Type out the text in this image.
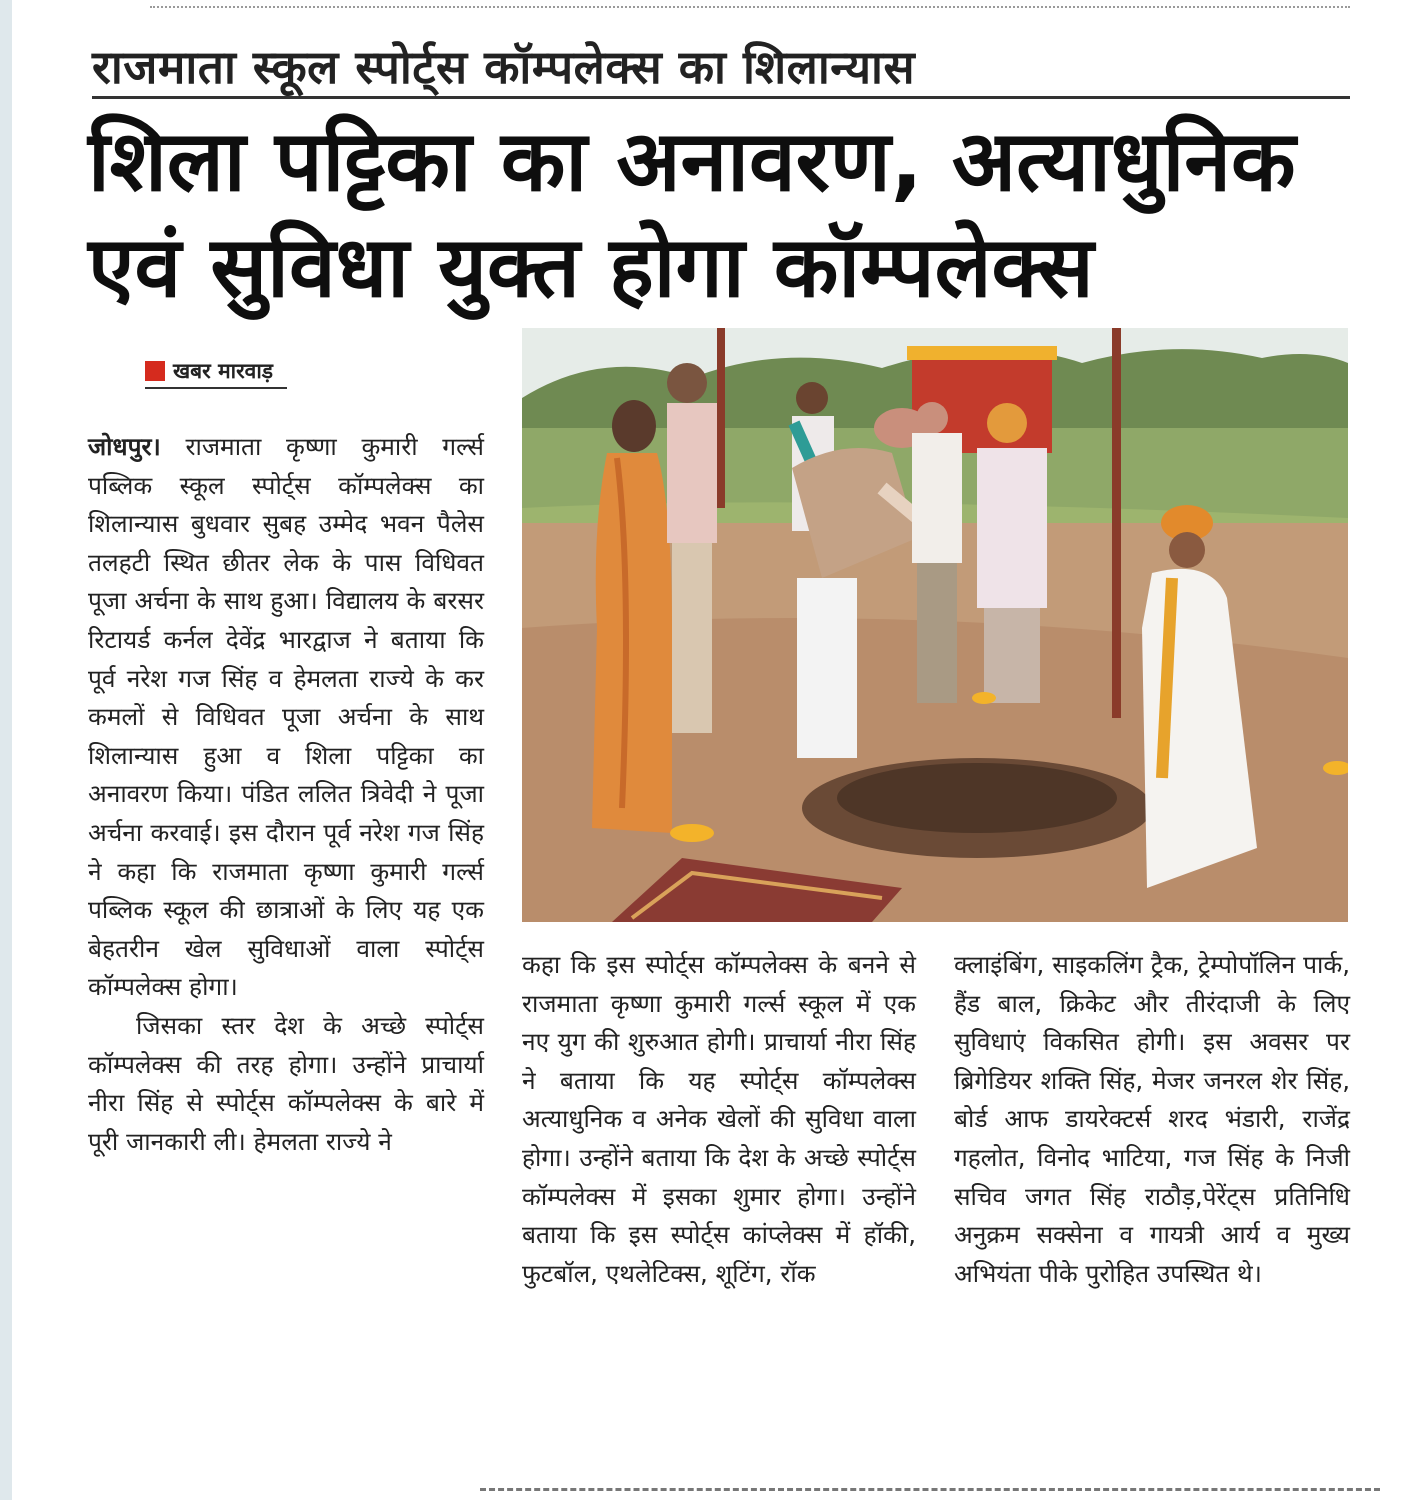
राजमाता स्कूल स्पोर्ट्स कॉम्पलेक्स का शिलान्यास
शिला पट्टिका का अनावरण, अत्याधुनिक एवं सुविधा युक्त होगा कॉम्पलेक्स
खबर मारवाड़

जोधपुर। राजमाता कृष्णा कुमारी गर्ल्स पब्लिक स्कूल स्पोर्ट्स कॉम्पलेक्स का शिलान्यास बुधवार सुबह उम्मेद भवन पैलेस तलहटी स्थित छीतर लेक के पास विधिवत पूजा अर्चना के साथ हुआ। विद्यालय के बरसर रिटायर्ड कर्नल देवेंद्र भारद्वाज ने बताया कि पूर्व नरेश गज सिंह व हेमलता राज्ये के कर कमलों से विधिवत पूजा अर्चना के साथ शिलान्यास हुआ व शिला पट्टिका का अनावरण किया। पंडित ललित त्रिवेदी ने पूजा अर्चना करवाई। इस दौरान पूर्व नरेश गज सिंह ने कहा कि राजमाता कृष्णा कुमारी गर्ल्स पब्लिक स्कूल की छात्राओं के लिए यह एक बेहतरीन खेल सुविधाओं वाला स्पोर्ट्स कॉम्पलेक्स होगा।

जिसका स्तर देश के अच्छे स्पोर्ट्स कॉम्पलेक्स की तरह होगा। उन्होंने प्राचार्या नीरा सिंह से स्पोर्ट्स कॉम्पलेक्स के बारे में पूरी जानकारी ली। हेमलता राज्ये ने

कहा कि इस स्पोर्ट्स कॉम्पलेक्स के बनने से राजमाता कृष्णा कुमारी गर्ल्स स्कूल में एक नए युग की शुरुआत होगी। प्राचार्या नीरा सिंह ने बताया कि यह स्पोर्ट्स कॉम्पलेक्स अत्याधुनिक व अनेक खेलों की सुविधा वाला होगा। उन्होंने बताया कि देश के अच्छे स्पोर्ट्स कॉम्पलेक्स में इसका शुमार होगा। उन्होंने बताया कि इस स्पोर्ट्स कांप्लेक्स में हॉकी, फुटबॉल, एथलेटिक्स, शूटिंग, रॉक

क्लाइंबिंग, साइकलिंग ट्रैक, ट्रेम्पोपॉलिन पार्क, हैंड बाल, क्रिकेट और तीरंदाजी के लिए सुविधाएं विकसित होगी। इस अवसर पर ब्रिगेडियर शक्ति सिंह, मेजर जनरल शेर सिंह, बोर्ड आफ डायरेक्टर्स शरद भंडारी, राजेंद्र गहलोत, विनोद भाटिया, गज सिंह के निजी सचिव जगत सिंह राठौड़,पेरेंट्स प्रतिनिधि अनुक्रम सक्सेना व गायत्री आर्य व मुख्य अभियंता पीके पुरोहित उपस्थित थे।
